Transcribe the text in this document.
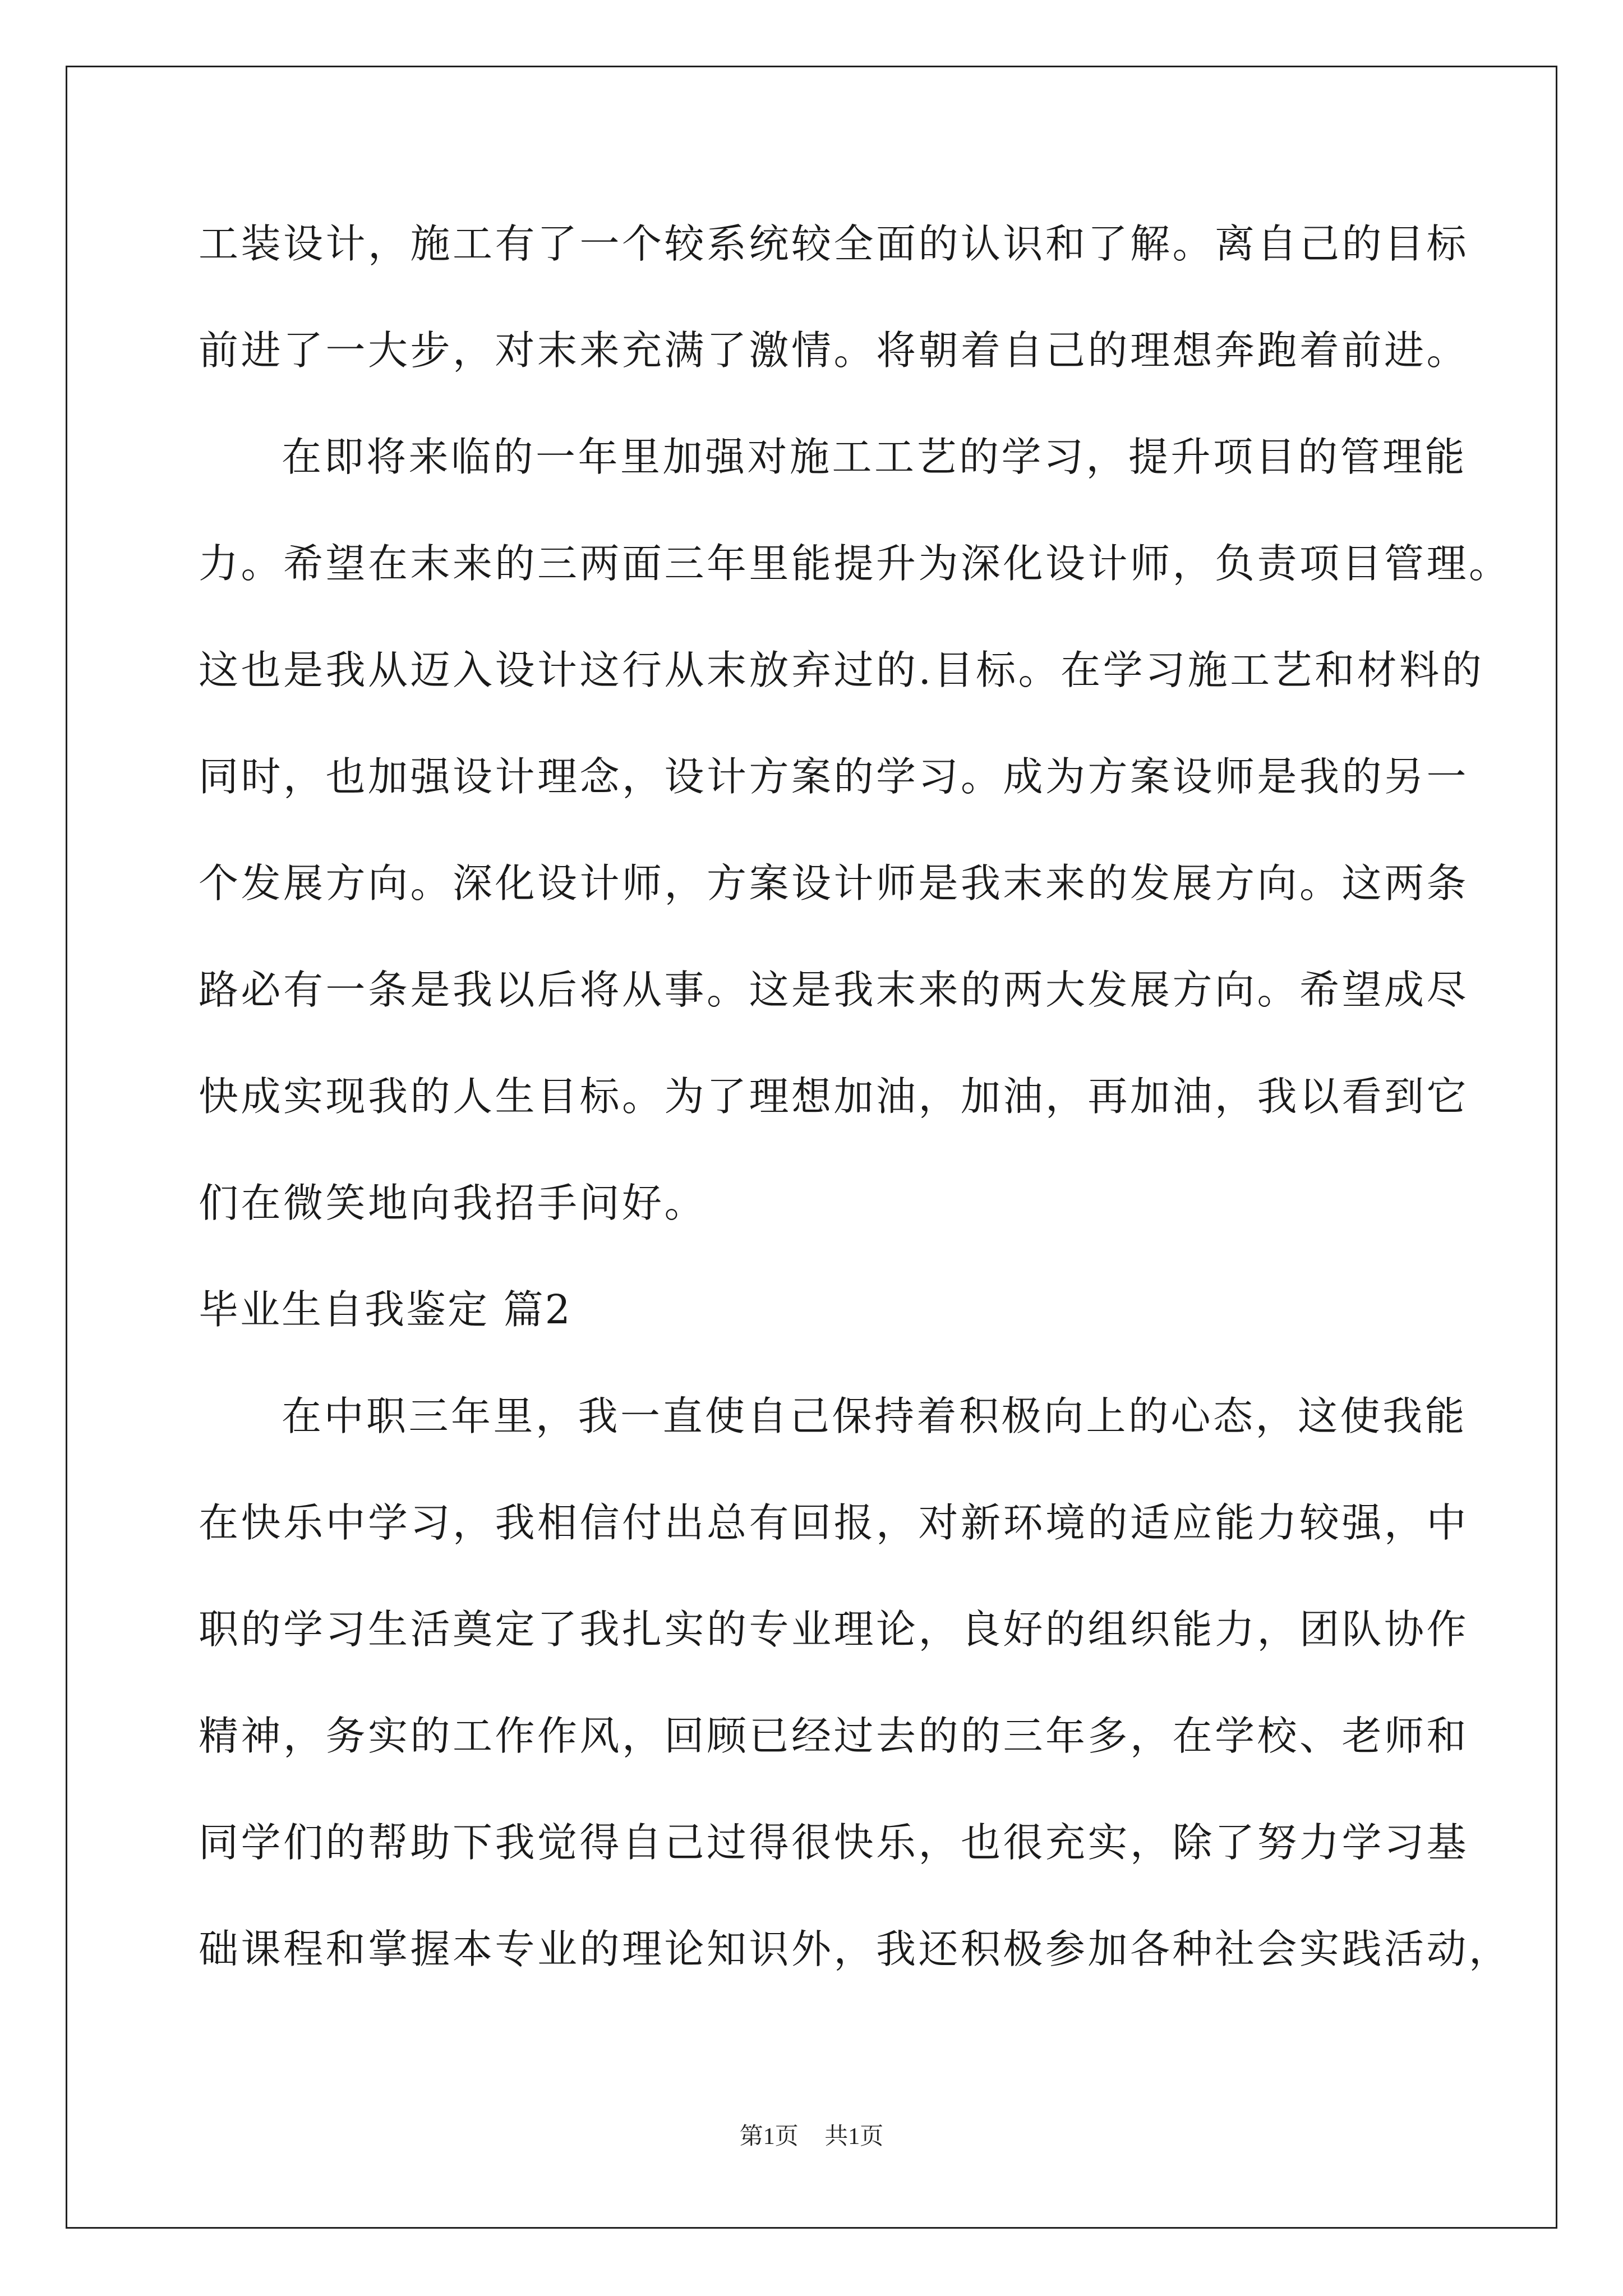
工装设计，施工有了一个较系统较全面的认识和了解。离自己的目标
前进了一大步，对末来充满了激情。将朝着自己的理想奔跑着前进。
在即将来临的一年里加强对施工工艺的学习，提升项目的管理能
力。希望在末来的三两面三年里能提升为深化设计师，负责项目管理。
这也是我从迈入设计这行从末放弃过的.目标。在学习施工艺和材料的
同时，也加强设计理念，设计方案的学习。成为方案设师是我的另一
个发展方向。深化设计师，方案设计师是我末来的发展方向。这两条
路必有一条是我以后将从事。这是我末来的两大发展方向。希望成尽
快成实现我的人生目标。为了理想加油，加油，再加油，我以看到它
们在微笑地向我招手问好。
毕业生自我鉴定 篇2
在中职三年里，我一直使自己保持着积极向上的心态，这使我能
在快乐中学习，我相信付出总有回报，对新环境的适应能力较强，中
职的学习生活奠定了我扎实的专业理论，良好的组织能力，团队协作
精神，务实的工作作风，回顾已经过去的的三年多，在学校、老师和
同学们的帮助下我觉得自己过得很快乐，也很充实，除了努力学习基
础课程和掌握本专业的理论知识外，我还积极参加各种社会实践活动，
第1页 共1页
